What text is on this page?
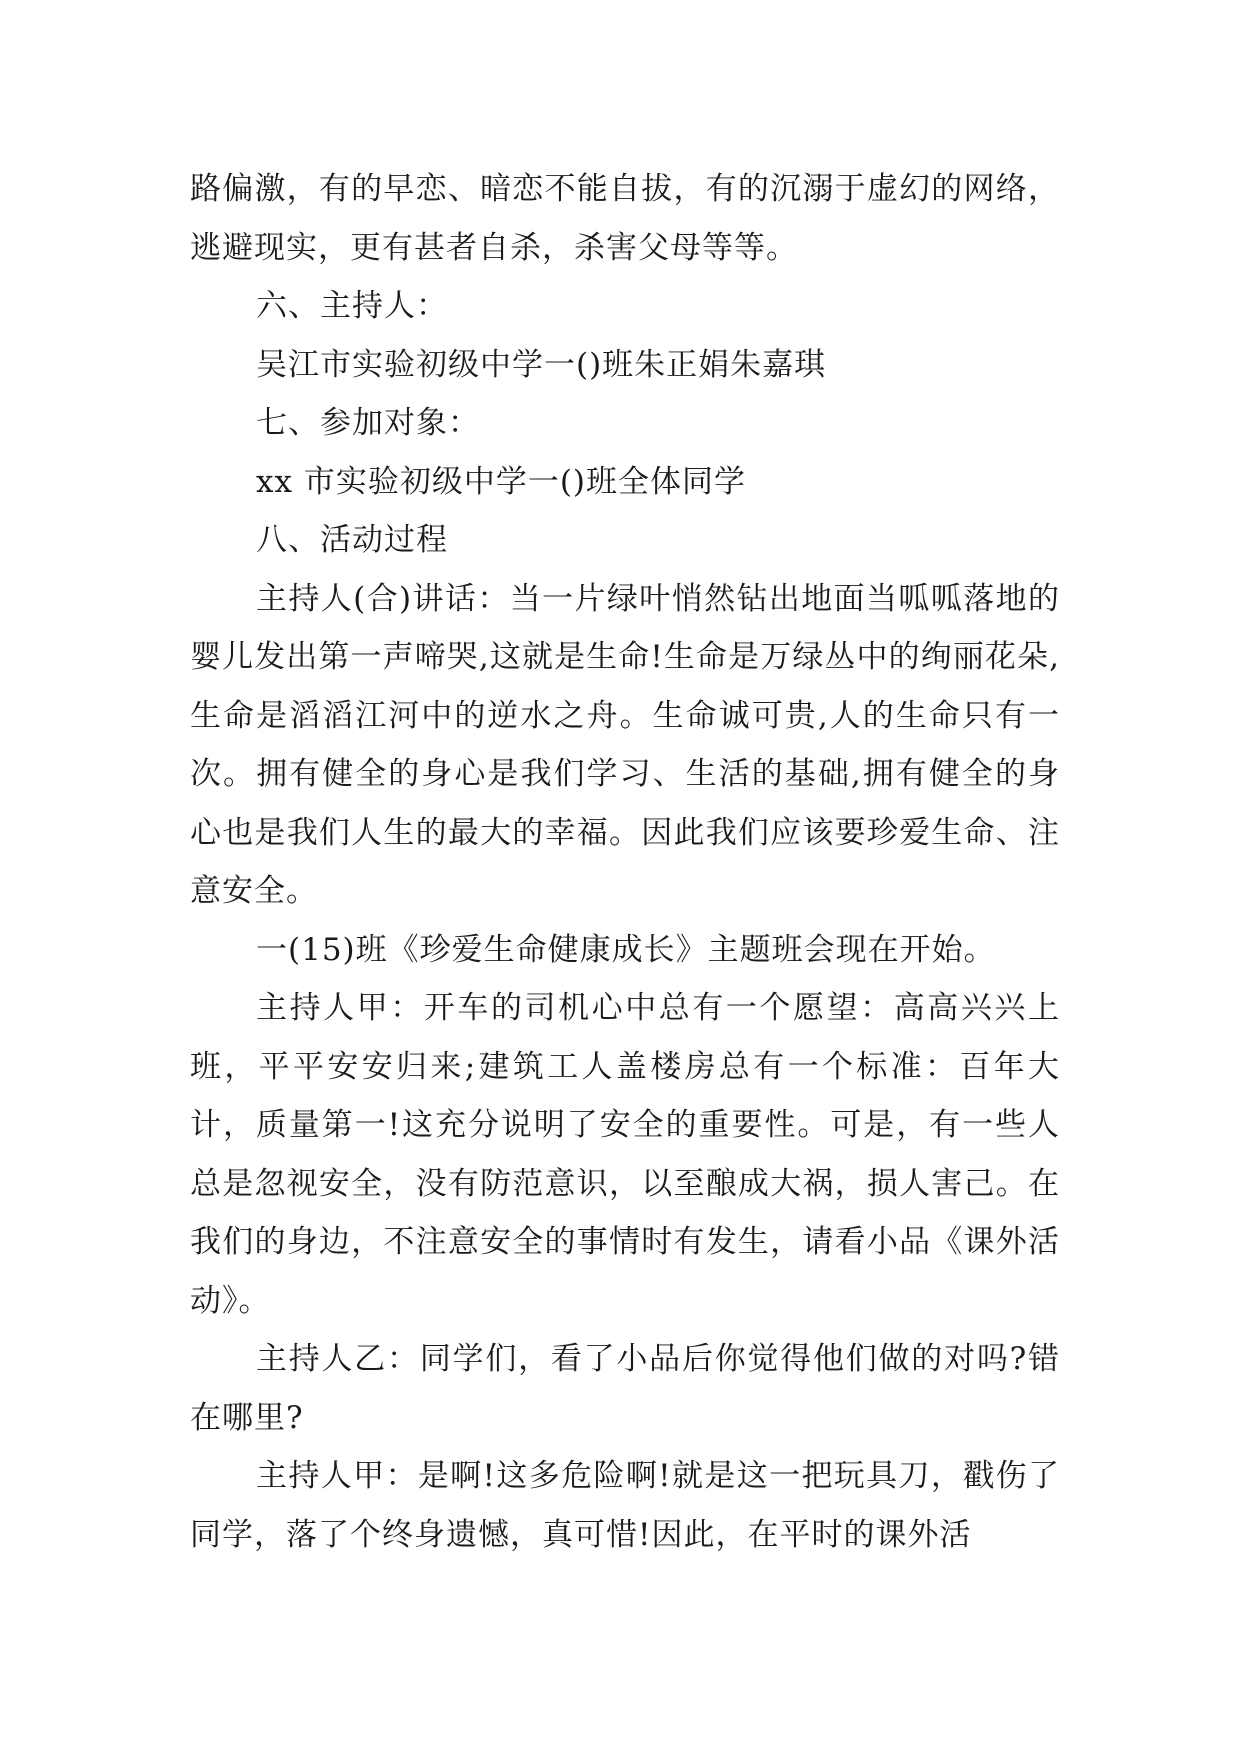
路偏激，有的早恋、暗恋不能自拔，有的沉溺于虚幻的网络，逃避现实，更有甚者自杀，杀害父母等等。

六、主持人：

吴江市实验初级中学一()班朱正娟朱嘉琪

七、参加对象：

xx 市实验初级中学一()班全体同学

八、活动过程

主持人(合)讲话：当一片绿叶悄然钻出地面当呱呱落地的婴儿发出第一声啼哭,这就是生命!生命是万绿丛中的绚丽花朵,生命是滔滔江河中的逆水之舟。生命诚可贵,人的生命只有一次。拥有健全的身心是我们学习、生活的基础,拥有健全的身心也是我们人生的最大的幸福。因此我们应该要珍爱生命、注意安全。

一(15)班《珍爱生命健康成长》主题班会现在开始。

主持人甲：开车的司机心中总有一个愿望：高高兴兴上班，平平安安归来;建筑工人盖楼房总有一个标准：百年大计，质量第一!这充分说明了安全的重要性。可是，有一些人总是忽视安全，没有防范意识，以至酿成大祸，损人害己。在我们的身边，不注意安全的事情时有发生，请看小品《课外活动》。

主持人乙：同学们，看了小品后你觉得他们做的对吗?错在哪里?

主持人甲：是啊!这多危险啊!就是这一把玩具刀，戳伤了同学，落了个终身遗憾，真可惜!因此，在平时的课外活
